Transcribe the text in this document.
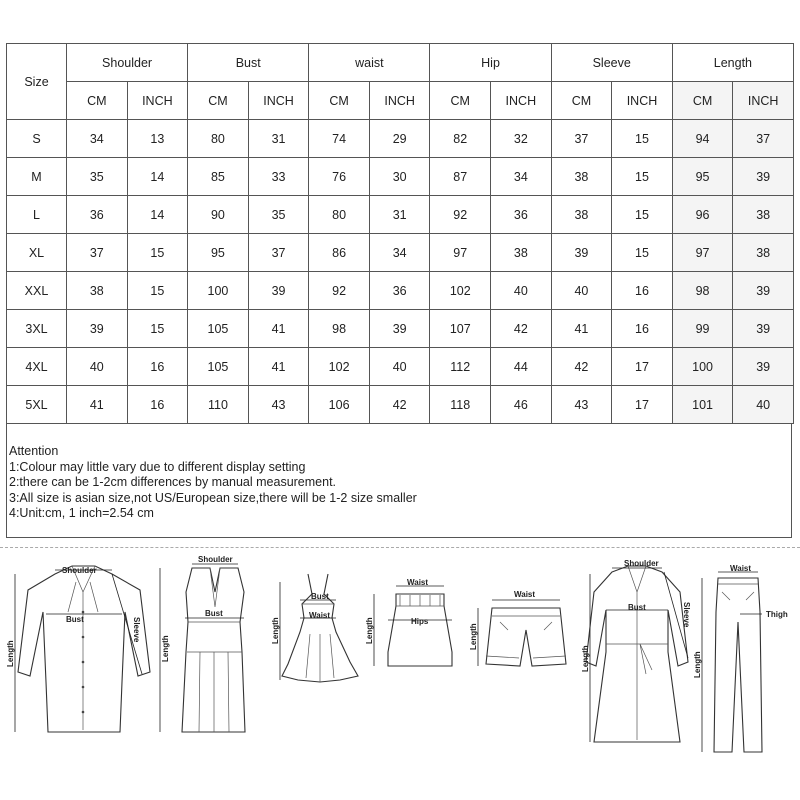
Size	Shoulder		Bust		waist		Hip		Sleeve		Length	
	CM	INCH	CM	INCH	CM	INCH	CM	INCH	CM	INCH	CM	INCH
S	34	13	80	31	74	29	82	32	37	15	94	37
M	35	14	85	33	76	30	87	34	38	15	95	39
L	36	14	90	35	80	31	92	36	38	15	96	38
XL	37	15	95	37	86	34	97	38	39	15	97	38
XXL	38	15	100	39	92	36	102	40	40	16	98	39
3XL	39	15	105	41	98	39	107	42	41	16	99	39
4XL	40	16	105	41	102	40	112	44	42	17	100	39
5XL	41	16	110	43	106	42	118	46	43	17	101	40
Attention
1:Colour may little vary due to different display setting
2:there can be 1-2cm differences by manual measurement.
3:All size is asian size,not US/European size,there will be 1-2 size smaller
4:Unit:cm, 1 inch=2.54 cm
Shoulder
Bust
Length
Sleeve
Shoulder
Bust
Length
Bust
Waist
Length
Waist
Hips
Length
Waist
Length
Shoulder
Bust
Length
Sleeve
Waist
Thigh
Length
